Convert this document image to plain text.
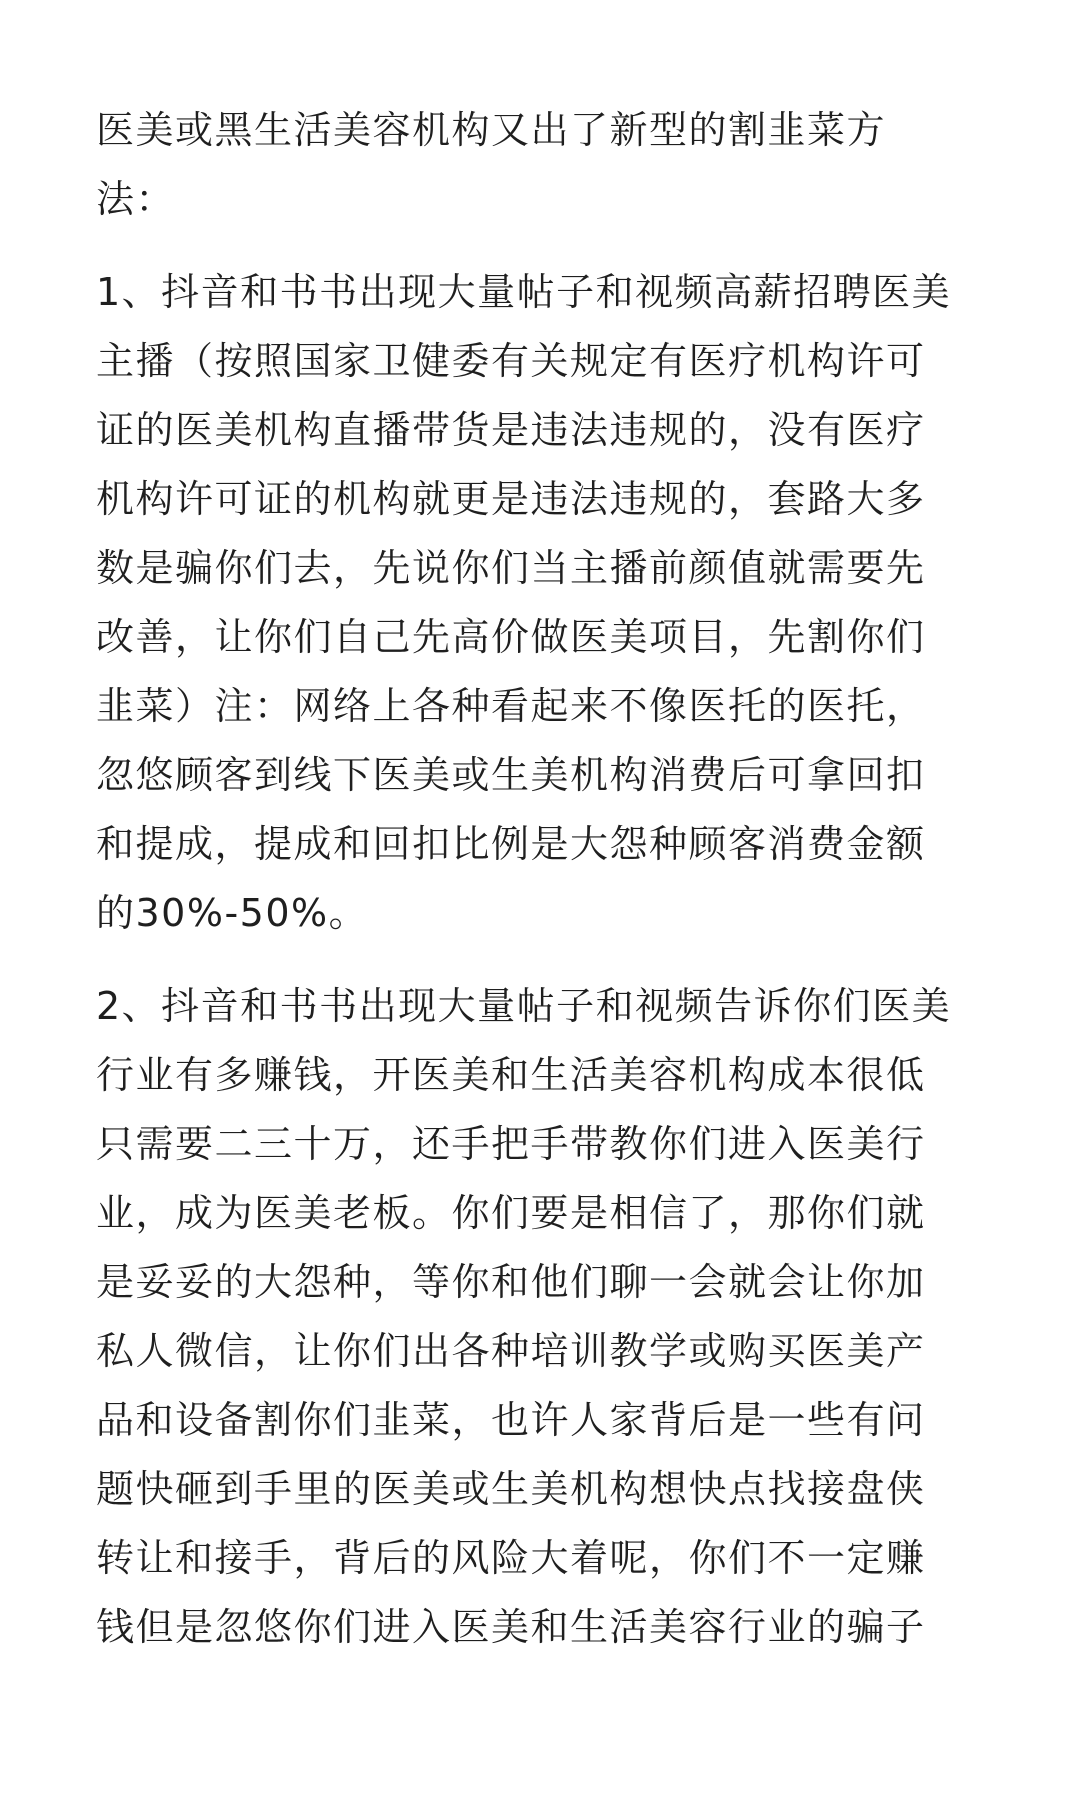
医美或黑生活美容机构又出了新型的割韭菜方
法：
1、抖音和书书出现大量帖子和视频高薪招聘医美
主播（按照国家卫健委有关规定有医疗机构许可
证的医美机构直播带货是违法违规的，没有医疗
机构许可证的机构就更是违法违规的，套路大多
数是骗你们去，先说你们当主播前颜值就需要先
改善，让你们自己先高价做医美项目，先割你们
韭菜）注：网络上各种看起来不像医托的医托，
忽悠顾客到线下医美或生美机构消费后可拿回扣
和提成，提成和回扣比例是大怨种顾客消费金额
的30%-50%。
2、抖音和书书出现大量帖子和视频告诉你们医美
行业有多赚钱，开医美和生活美容机构成本很低
只需要二三十万，还手把手带教你们进入医美行
业，成为医美老板。你们要是相信了，那你们就
是妥妥的大怨种，等你和他们聊一会就会让你加
私人微信，让你们出各种培训教学或购买医美产
品和设备割你们韭菜，也许人家背后是一些有问
题快砸到手里的医美或生美机构想快点找接盘侠
转让和接手，背后的风险大着呢，你们不一定赚
钱但是忽悠你们进入医美和生活美容行业的骗子
